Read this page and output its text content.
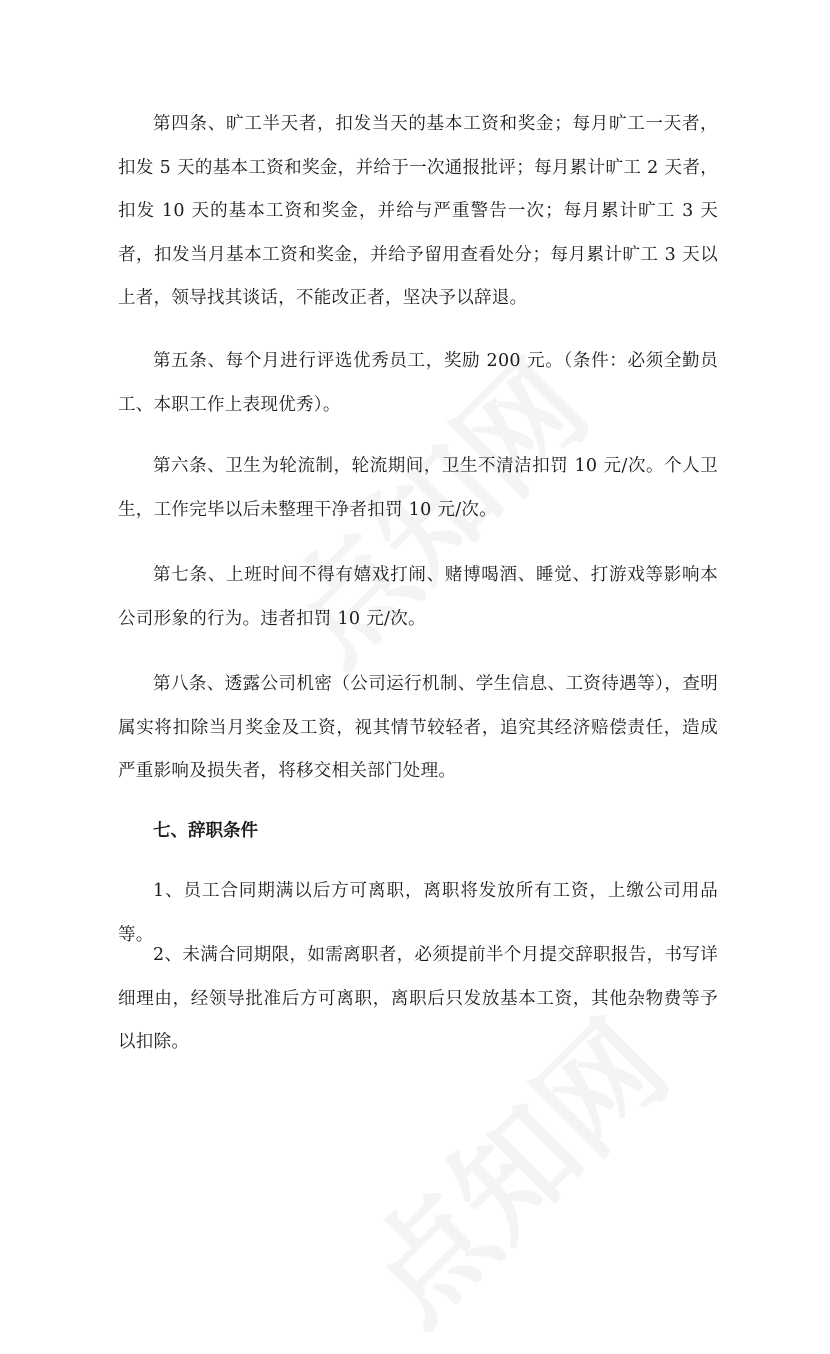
第四条、旷工半天者，扣发当天的基本工资和奖金；每月旷工一天者，扣发 5 天的基本工资和奖金，并给于一次通报批评；每月累计旷工 2 天者，扣发 10 天的基本工资和奖金，并给与严重警告一次；每月累计旷工 3 天者，扣发当月基本工资和奖金，并给予留用查看处分；每月累计旷工 3 天以上者，领导找其谈话，不能改正者，坚决予以辞退。

第五条、每个月进行评选优秀员工，奖励 200 元。（条件：必须全勤员工、本职工作上表现优秀）。

第六条、卫生为轮流制，轮流期间，卫生不清洁扣罚 10 元/次。个人卫生，工作完毕以后未整理干净者扣罚 10 元/次。

第七条、上班时间不得有嬉戏打闹、赌博喝酒、睡觉、打游戏等影响本公司形象的行为。违者扣罚 10 元/次。

第八条、透露公司机密（公司运行机制、学生信息、工资待遇等），查明属实将扣除当月奖金及工资，视其情节较轻者，追究其经济赔偿责任，造成严重影响及损失者，将移交相关部门处理。

七、辞职条件

1、员工合同期满以后方可离职，离职将发放所有工资，上缴公司用品等。

2、未满合同期限，如需离职者，必须提前半个月提交辞职报告，书写详细理由，经领导批准后方可离职，离职后只发放基本工资，其他杂物费等予以扣除。
